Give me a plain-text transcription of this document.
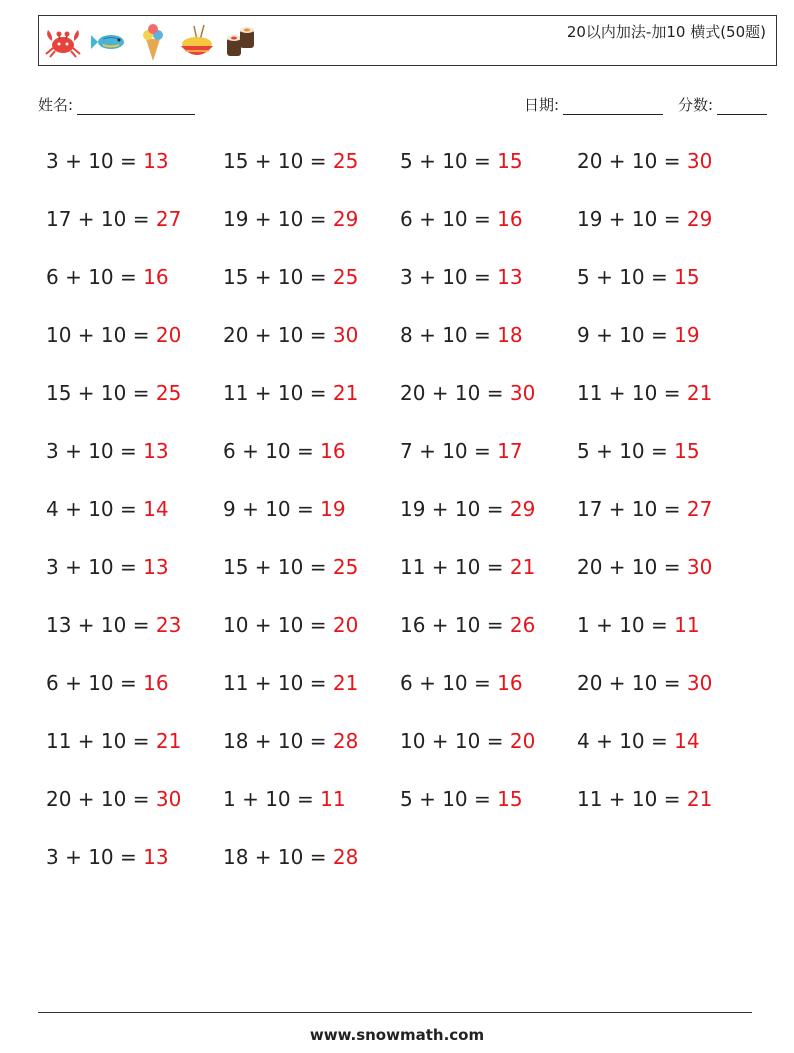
20以内加法-加10 横式(50题)
姓名:	日期:	分数:
3 + 10 = 13	15 + 10 = 25	5 + 10 = 15	20 + 10 = 30
17 + 10 = 27	19 + 10 = 29	6 + 10 = 16	19 + 10 = 29
6 + 10 = 16	15 + 10 = 25	3 + 10 = 13	5 + 10 = 15
10 + 10 = 20	20 + 10 = 30	8 + 10 = 18	9 + 10 = 19
15 + 10 = 25	11 + 10 = 21	20 + 10 = 30	11 + 10 = 21
3 + 10 = 13	6 + 10 = 16	7 + 10 = 17	5 + 10 = 15
4 + 10 = 14	9 + 10 = 19	19 + 10 = 29	17 + 10 = 27
3 + 10 = 13	15 + 10 = 25	11 + 10 = 21	20 + 10 = 30
13 + 10 = 23	10 + 10 = 20	16 + 10 = 26	1 + 10 = 11
6 + 10 = 16	11 + 10 = 21	6 + 10 = 16	20 + 10 = 30
11 + 10 = 21	18 + 10 = 28	10 + 10 = 20	4 + 10 = 14
20 + 10 = 30	1 + 10 = 11	5 + 10 = 15	11 + 10 = 21
3 + 10 = 13	18 + 10 = 28
www.snowmath.com
